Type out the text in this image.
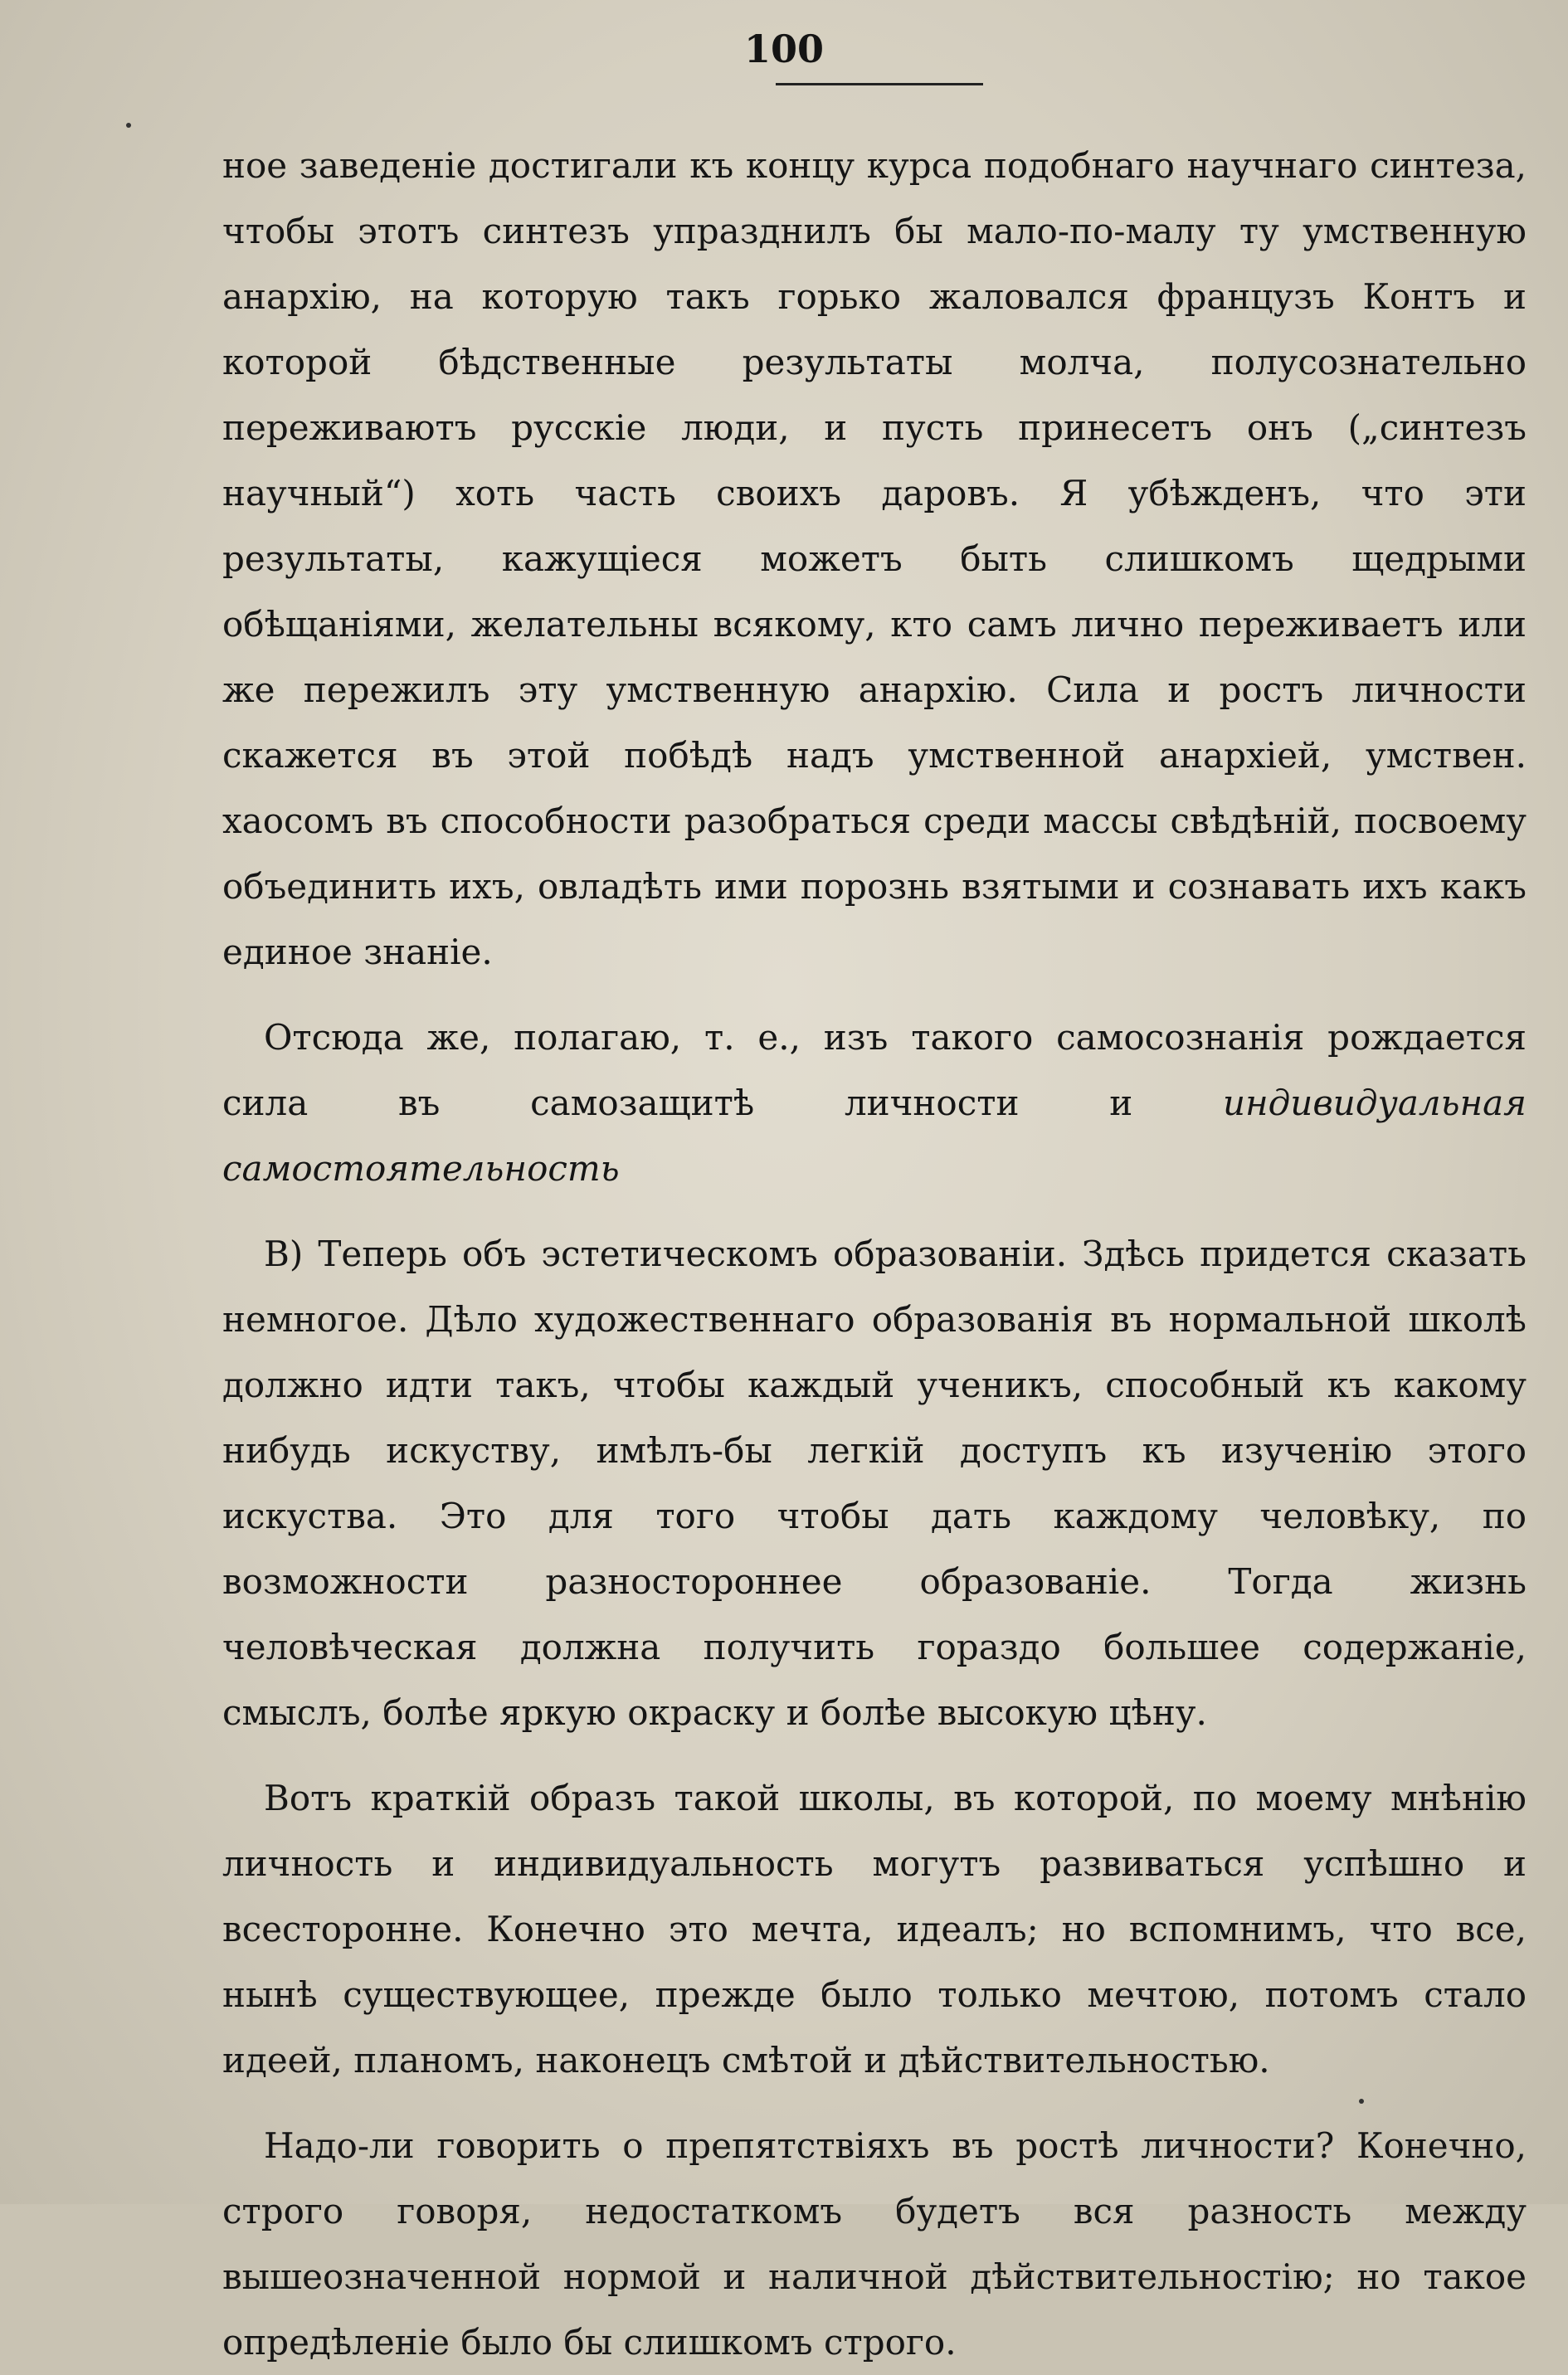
100

ное заведеніе достигали къ концу курса подобнаго научнаго синтеза, чтобы этотъ синтезъ упразднилъ бы мало-по-малу ту умственную анархію, на которую такъ горько жаловался французъ Контъ и которой бѣдственные результаты молча, полусознательно переживаютъ русскіе люди, и пусть принесетъ онъ („синтезъ научный“) хоть часть своихъ даровъ. Я убѣжденъ, что эти результаты, кажущіеся можетъ быть слишкомъ щедрыми обѣщаніями, желательны всякому, кто самъ лично переживаетъ или же пережилъ эту умственную анархію. Сила и ростъ личности скажется въ этой побѣдѣ надъ умственной анархіей, умствен. хаосомъ въ способности разобраться среди массы свѣдѣній, посвоему объединить ихъ, овладѣть ими порознь взятыми и сознавать ихъ какъ единое знаніе.

Отсюда же, полагаю, т. е., изъ такого самосознанія рождается сила въ самозащитѣ личности и индивидуальная самостоятельность

В) Теперь объ эстетическомъ образованіи. Здѣсь придется сказать немногое. Дѣло художественнаго образованія въ нормальной школѣ должно идти такъ, чтобы каждый ученикъ, способный къ какому нибудь искуству, имѣлъ-бы легкій доступъ къ изученію этого искуства. Это для того чтобы дать каждому человѣку, по возможности разностороннее образованіе. Тогда жизнь человѣческая должна получить гораздо большее содержаніе, смыслъ, болѣе яркую окраску и болѣе высокую цѣну.

Вотъ краткій образъ такой школы, въ которой, по моему мнѣнію личность и индивидуальность могутъ развиваться успѣшно и всесторонне. Конечно это мечта, идеалъ; но вспомнимъ, что все, нынѣ существующее, прежде было только мечтою, потомъ стало идеей, планомъ, наконецъ смѣтой и дѣйствительностью.

Надо-ли говорить о препятствіяхъ въ ростѣ личности? Конечно, строго говоря, недостаткомъ будетъ вся разность между вышеозначенной нормой и наличной дѣйствительностію; но такое опредѣленіе было бы слишкомъ строго.
